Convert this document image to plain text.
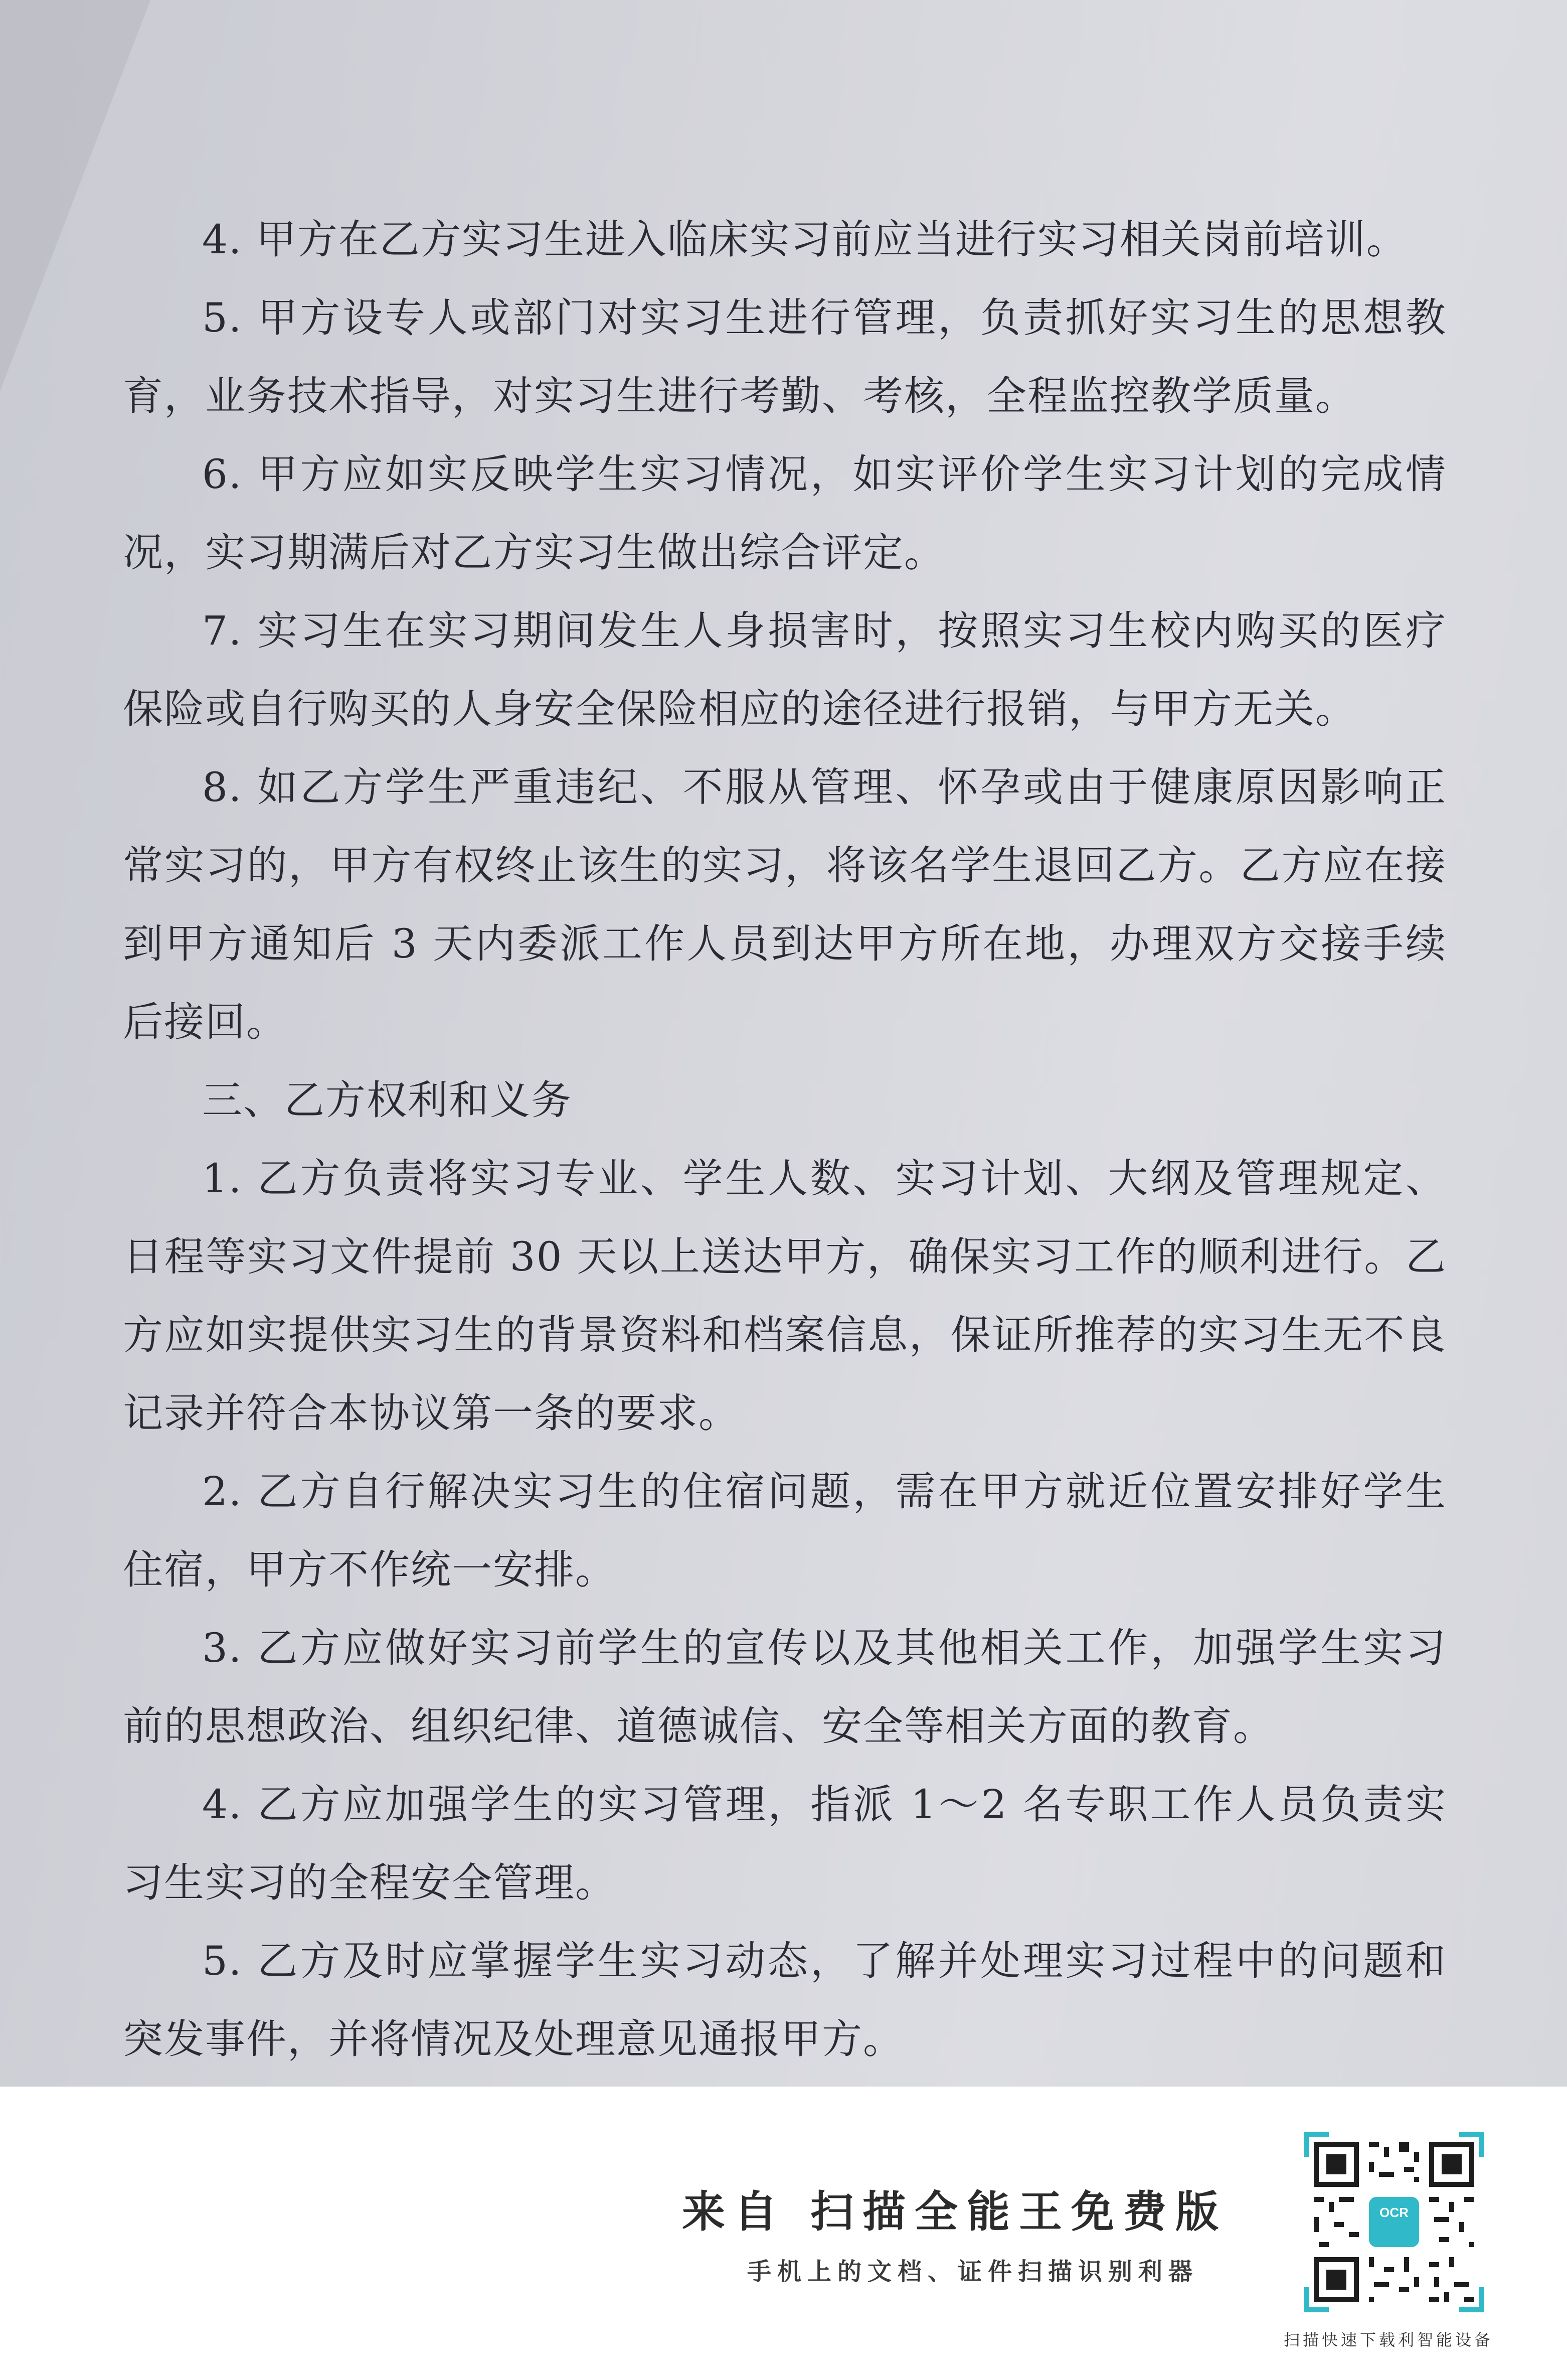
4. 甲方在乙方实习生进入临床实习前应当进行实习相关岗前培训。

5. 甲方设专人或部门对实习生进行管理，负责抓好实习生的思想教育，业务技术指导，对实习生进行考勤、考核，全程监控教学质量。

6. 甲方应如实反映学生实习情况，如实评价学生实习计划的完成情况，实习期满后对乙方实习生做出综合评定。

7. 实习生在实习期间发生人身损害时，按照实习生校内购买的医疗保险或自行购买的人身安全保险相应的途径进行报销，与甲方无关。

8. 如乙方学生严重违纪、不服从管理、怀孕或由于健康原因影响正常实习的，甲方有权终止该生的实习，将该名学生退回乙方。乙方应在接到甲方通知后 3 天内委派工作人员到达甲方所在地，办理双方交接手续后接回。

三、乙方权利和义务

1. 乙方负责将实习专业、学生人数、实习计划、大纲及管理规定、日程等实习文件提前 30 天以上送达甲方，确保实习工作的顺利进行。乙方应如实提供实习生的背景资料和档案信息，保证所推荐的实习生无不良记录并符合本协议第一条的要求。

2. 乙方自行解决实习生的住宿问题，需在甲方就近位置安排好学生住宿，甲方不作统一安排。

3. 乙方应做好实习前学生的宣传以及其他相关工作，加强学生实习前的思想政治、组织纪律、道德诚信、安全等相关方面的教育。

4. 乙方应加强学生的实习管理，指派 1～2 名专职工作人员负责实习生实习的全程安全管理。

5. 乙方及时应掌握学生实习动态，了解并处理实习过程中的问题和突发事件，并将情况及处理意见通报甲方。

来自 扫描全能王免费版
手机上的文档、证件扫描识别利器
OCR
扫描快速下载利智能设备
